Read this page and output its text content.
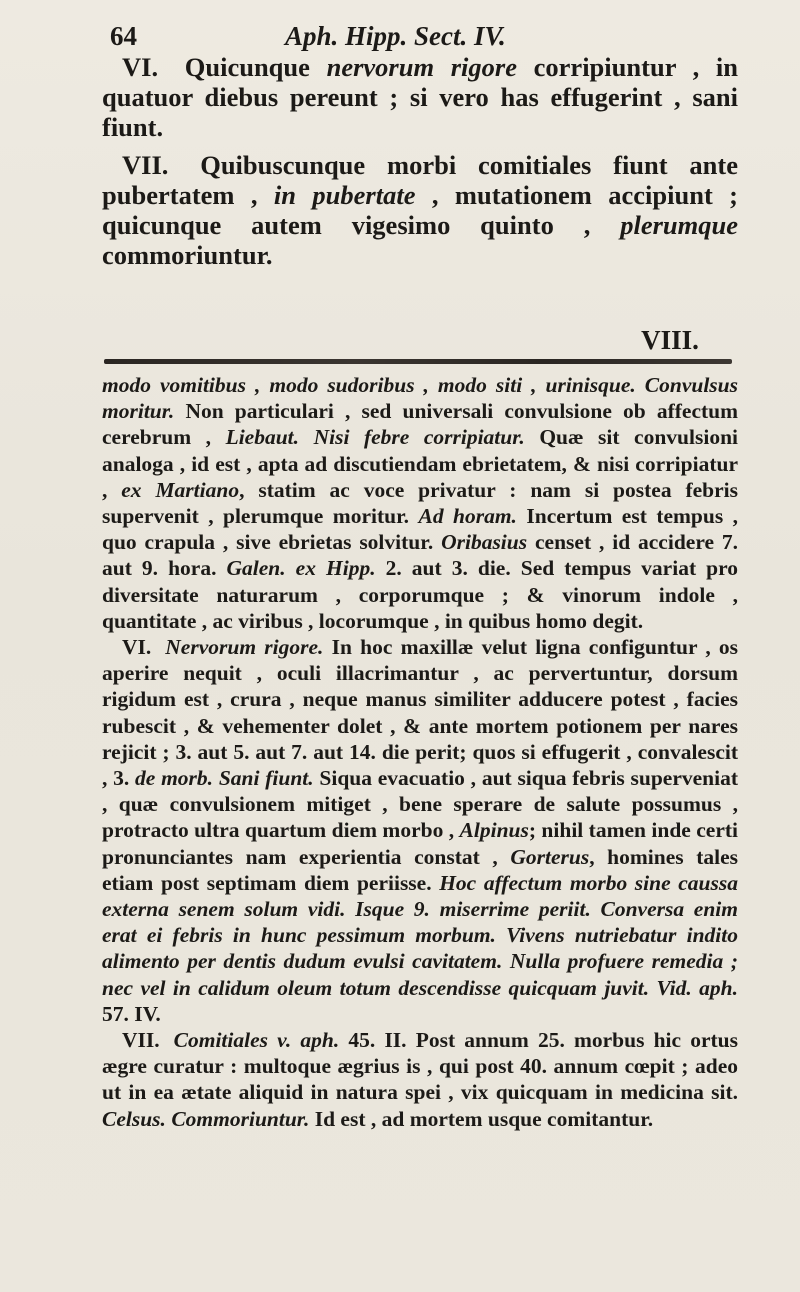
64	Aph. Hipp. Sect. IV.

VI. Quicunque nervorum rigore corripiuntur , in quatuor diebus pereunt ; si vero has effugerint , sani fiunt.

VII. Quibuscunque morbi comitiales fiunt ante pubertatem , in pubertate , mutationem accipiunt ; quicunque autem vigesimo quinto , plerumque commoriuntur.

VIII.

modo vomitibus , modo sudoribus , modo siti , urinisque. Convulsus moritur. Non particulari , sed universali convulsione ob affectum cerebrum , Liebaut. Nisi febre corripiatur. Quæ sit convulsioni analoga , id est , apta ad discutiendam ebrietatem, & nisi corripiatur , ex Martiano, statim ac voce privatur : nam si postea febris supervenit , plerumque moritur. Ad horam. Incertum est tempus , quo crapula , sive ebrietas solvitur. Oribasius censet , id accidere 7. aut 9. hora. Galen. ex Hipp. 2. aut 3. die. Sed tempus variat pro diversitate naturarum , corporumque ; & vinorum indole , quantitate , ac viribus , locorumque , in quibus homo degit.

VI. Nervorum rigore. In hoc maxillæ velut ligna configuntur , os aperire nequit , oculi illacrimantur , ac pervertuntur, dorsum rigidum est , crura , neque manus similiter adducere potest , facies rubescit , & vehementer dolet , & ante mortem potionem per nares rejicit ; 3. aut 5. aut 7. aut 14. die perit; quos si effugerit , convalescit , 3. de morb. Sani fiunt. Siqua evacuatio , aut siqua febris superveniat , quæ convulsionem mitiget , bene sperare de salute possumus , protracto ultra quartum diem morbo , Alpinus; nihil tamen inde certi pronunciantes nam experientia constat , Gorterus, homines tales etiam post septimam diem periisse. Hoc affectum morbo sine caussa externa senem solum vidi. Isque 9. miserrime periit. Conversa enim erat ei febris in hunc pessimum morbum. Vivens nutriebatur indito alimento per dentis dudum evulsi cavitatem. Nulla profuere remedia ; nec vel in calidum oleum totum descendisse quicquam juvit. Vid. aph. 57. IV.

VII. Comitiales v. aph. 45. II. Post annum 25. morbus hic ortus ægre curatur : multoque ægrius is , qui post 40. annum cœpit ; adeo ut in ea ætate aliquid in natura spei , vix quicquam in medicina sit. Celsus. Commoriuntur. Id est , ad mortem usque comitantur.
